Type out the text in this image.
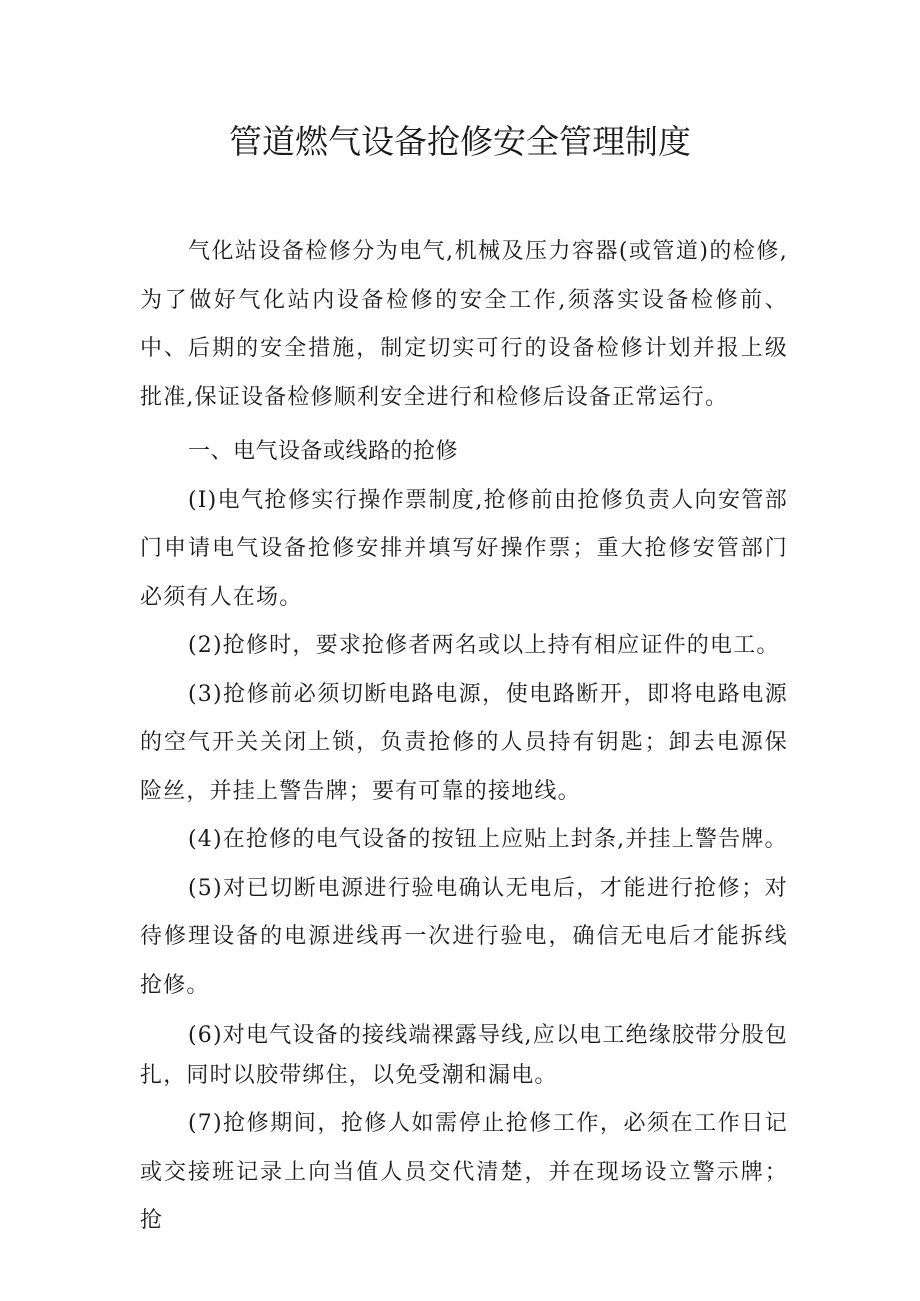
管道燃气设备抢修安全管理制度

气化站设备检修分为电气,机械及压力容器(或管道)的检修,为了做好气化站内设备检修的安全工作,须落实设备检修前、中、后期的安全措施，制定切实可行的设备检修计划并报上级批准,保证设备检修顺利安全进行和检修后设备正常运行。

一、电气设备或线路的抢修

(I)电气抢修实行操作票制度,抢修前由抢修负责人向安管部门申请电气设备抢修安排并填写好操作票；重大抢修安管部门必须有人在场。

(2)抢修时，要求抢修者两名或以上持有相应证件的电工。

(3)抢修前必须切断电路电源，使电路断开，即将电路电源的空气开关关闭上锁，负责抢修的人员持有钥匙；卸去电源保险丝，并挂上警告牌；要有可靠的接地线。

(4)在抢修的电气设备的按钮上应贴上封条,并挂上警告牌。

(5)对已切断电源进行验电确认无电后，才能进行抢修；对待修理设备的电源进线再一次进行验电，确信无电后才能拆线抢修。

(6)对电气设备的接线端裸露导线,应以电工绝缘胶带分股包扎，同时以胶带绑住，以免受潮和漏电。

(7)抢修期间，抢修人如需停止抢修工作，必须在工作日记或交接班记录上向当值人员交代清楚，并在现场设立警示牌；抢
